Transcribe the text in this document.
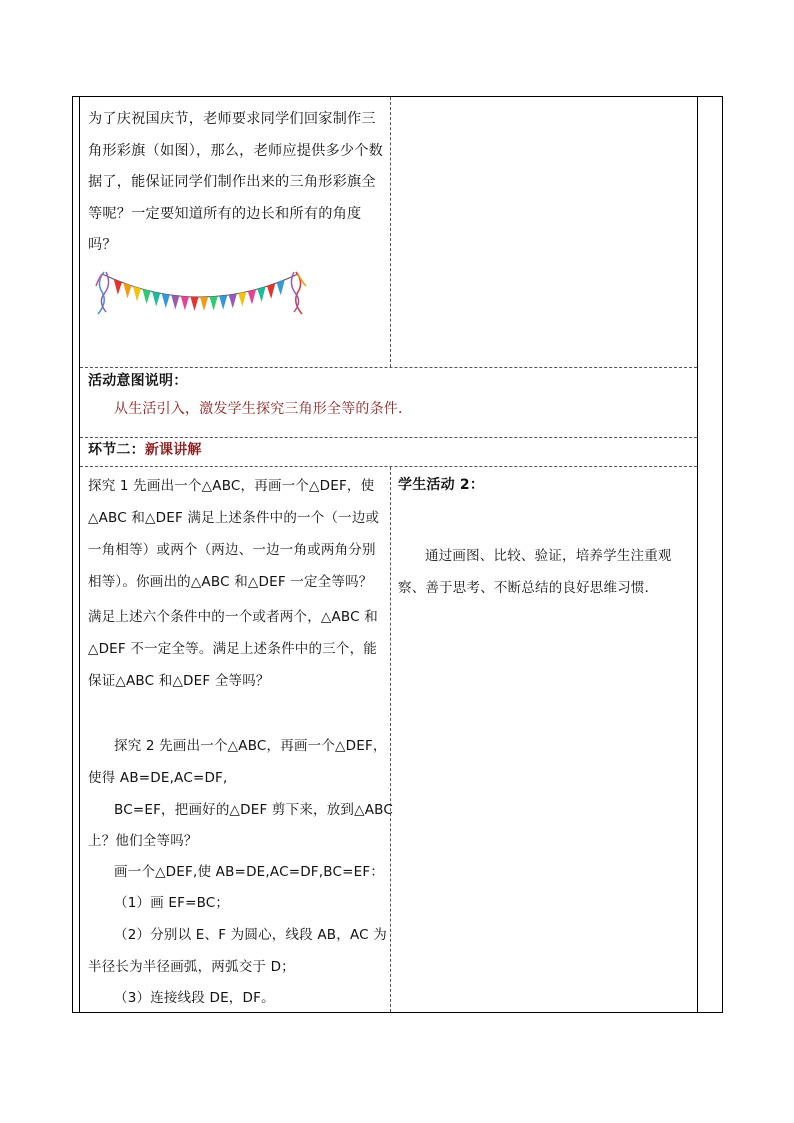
为了庆祝国庆节，老师要求同学们回家制作三角形彩旗（如图），那么，老师应提供多少个数据了，能保证同学们制作出来的三角形彩旗全等呢？一定要知道所有的边长和所有的角度吗？
活动意图说明：
从生活引入，激发学生探究三角形全等的条件．
环节二：新课讲解
探究 1 先画出一个△ABC，再画一个△DEF，使△ABC 和△DEF 满足上述条件中的一个（一边或一角相等）或两个（两边、一边一角或两角分别相等）。你画出的△ABC 和△DEF 一定全等吗？
满足上述六个条件中的一个或者两个，△ABC 和△DEF 不一定全等。满足上述条件中的三个，能保证△ABC 和△DEF 全等吗？
探究 2 先画出一个△ABC，再画一个△DEF，
使得 AB=DE,AC=DF,
BC=EF，把画好的△DEF 剪下来，放到△ABC
上？他们全等吗？
画一个△DEF,使 AB=DE,AC=DF,BC=EF：
（1）画 EF=BC；
（2）分别以 E、F 为圆心，线段 AB，AC 为
半径长为半径画弧，两弧交于 D；
（3）连接线段 DE，DF。
学生活动 2：
通过画图、比较、验证，培养学生注重观察、善于思考、不断总结的良好思维习惯．
